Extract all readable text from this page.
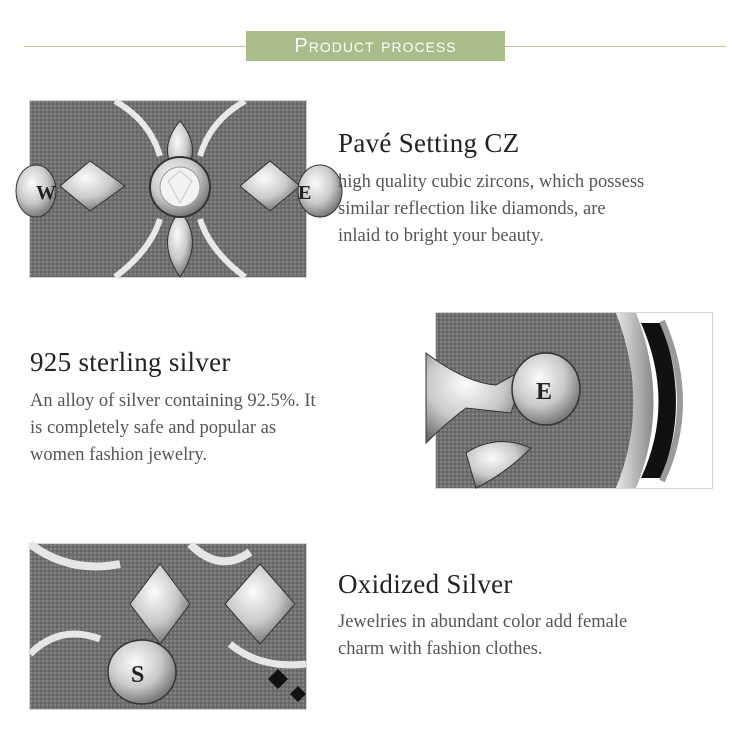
Product process
W	E
Pavé Setting CZ
high quality cubic zircons, which possess
similar reflection like diamonds, are
inlaid to bright your beauty.
925 sterling silver
An alloy of silver containing 92.5%. It
is completely safe and popular as
women fashion jewelry.
E
S
Oxidized Silver
Jewelries in abundant color add female
charm with fashion clothes.
